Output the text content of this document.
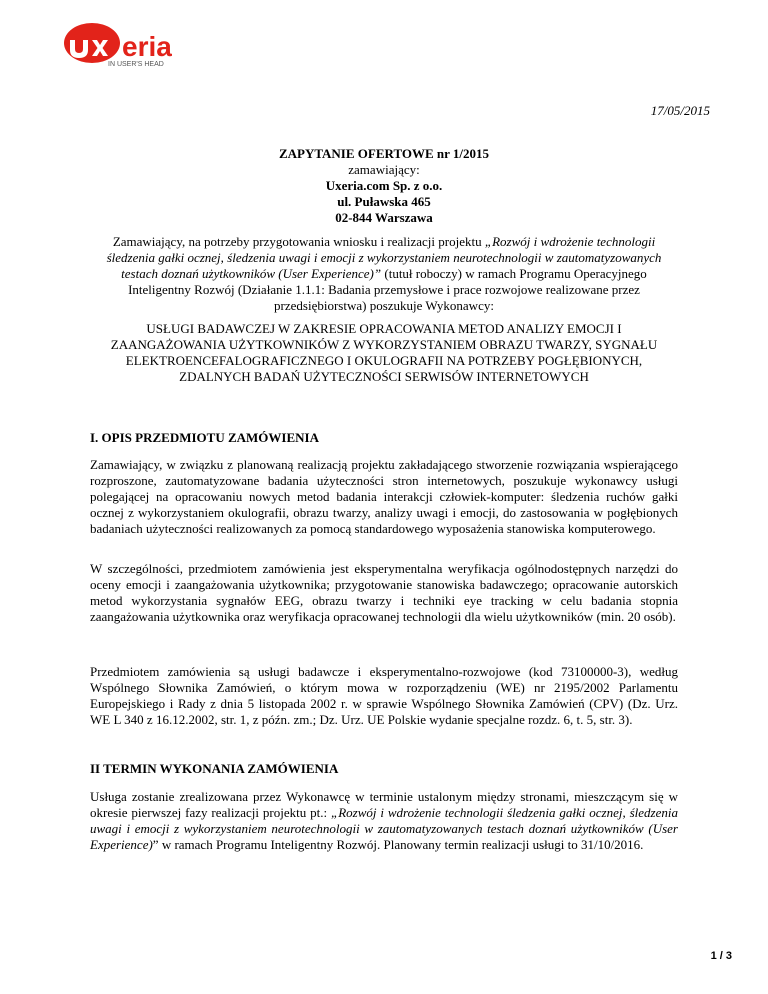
eria
IN USER'S HEAD
17/05/2015
ZAPYTANIE OFERTOWE nr 1/2015
zamawiający:
Uxeria.com Sp. z o.o.
ul. Puławska 465
02-844 Warszawa
Zamawiający, na potrzeby przygotowania wniosku i realizacji projektu „Rozwój i wdrożenie technologii śledzenia gałki ocznej, śledzenia uwagi i emocji z wykorzystaniem neurotechnologii w zautomatyzowanych testach doznań użytkowników (User Experience)” (tutuł roboczy) w ramach Programu Operacyjnego Inteligentny Rozwój (Działanie 1.1.1: Badania przemysłowe i prace rozwojowe realizowane przez przedsiębiorstwa) poszukuje Wykonawcy:
USŁUGI BADAWCZEJ W ZAKRESIE OPRACOWANIA METOD ANALIZY EMOCJI I ZAANGAŻOWANIA UŻYTKOWNIKÓW Z WYKORZYSTANIEM OBRAZU TWARZY, SYGNAŁU ELEKTROENCEFALOGRAFICZNEGO I OKULOGRAFII NA POTRZEBY POGŁĘBIONYCH, ZDALNYCH BADAŃ UŻYTECZNOŚCI SERWISÓW INTERNETOWYCH
I. OPIS PRZEDMIOTU ZAMÓWIENIA
Zamawiający, w związku z planowaną realizacją projektu zakładającego stworzenie rozwiązania wspierającego rozproszone, zautomatyzowane badania użyteczności stron internetowych, poszukuje wykonawcy usługi polegającej na opracowaniu nowych metod badania interakcji człowiek-komputer: śledzenia ruchów gałki ocznej z wykorzystaniem okulografii, obrazu twarzy, analizy uwagi i emocji, do zastosowania w pogłębionych badaniach użyteczności realizowanych za pomocą standardowego wyposażenia stanowiska komputerowego.
W szczególności, przedmiotem zamówienia jest eksperymentalna weryfikacja ogólnodostępnych narzędzi do oceny emocji i zaangażowania użytkownika; przygotowanie stanowiska badawczego; opracowanie autorskich metod wykorzystania sygnałów EEG, obrazu twarzy i techniki eye tracking w celu badania stopnia zaangażowania użytkownika oraz weryfikacja opracowanej technologii dla wielu użytkowników (min. 20 osób).
Przedmiotem zamówienia są usługi badawcze i eksperymentalno-rozwojowe (kod 73100000-3), według Wspólnego Słownika Zamówień, o którym mowa w rozporządzeniu (WE) nr 2195/2002 Parlamentu Europejskiego i Rady z dnia 5 listopada 2002 r. w sprawie Wspólnego Słownika Zamówień (CPV) (Dz. Urz. WE L 340 z 16.12.2002, str. 1, z późn. zm.; Dz. Urz. UE Polskie wydanie specjalne rozdz. 6, t. 5, str. 3).
II TERMIN WYKONANIA ZAMÓWIENIA
Usługa zostanie zrealizowana przez Wykonawcę w terminie ustalonym między stronami, mieszczącym się w okresie pierwszej fazy realizacji projektu pt.: „Rozwój i wdrożenie technologii śledzenia gałki ocznej, śledzenia uwagi i emocji z wykorzystaniem neurotechnologii w zautomatyzowanych testach doznań użytkowników (User Experience)” w ramach Programu Inteligentny Rozwój. Planowany termin realizacji usługi to 31/10/2016.
1 / 3
